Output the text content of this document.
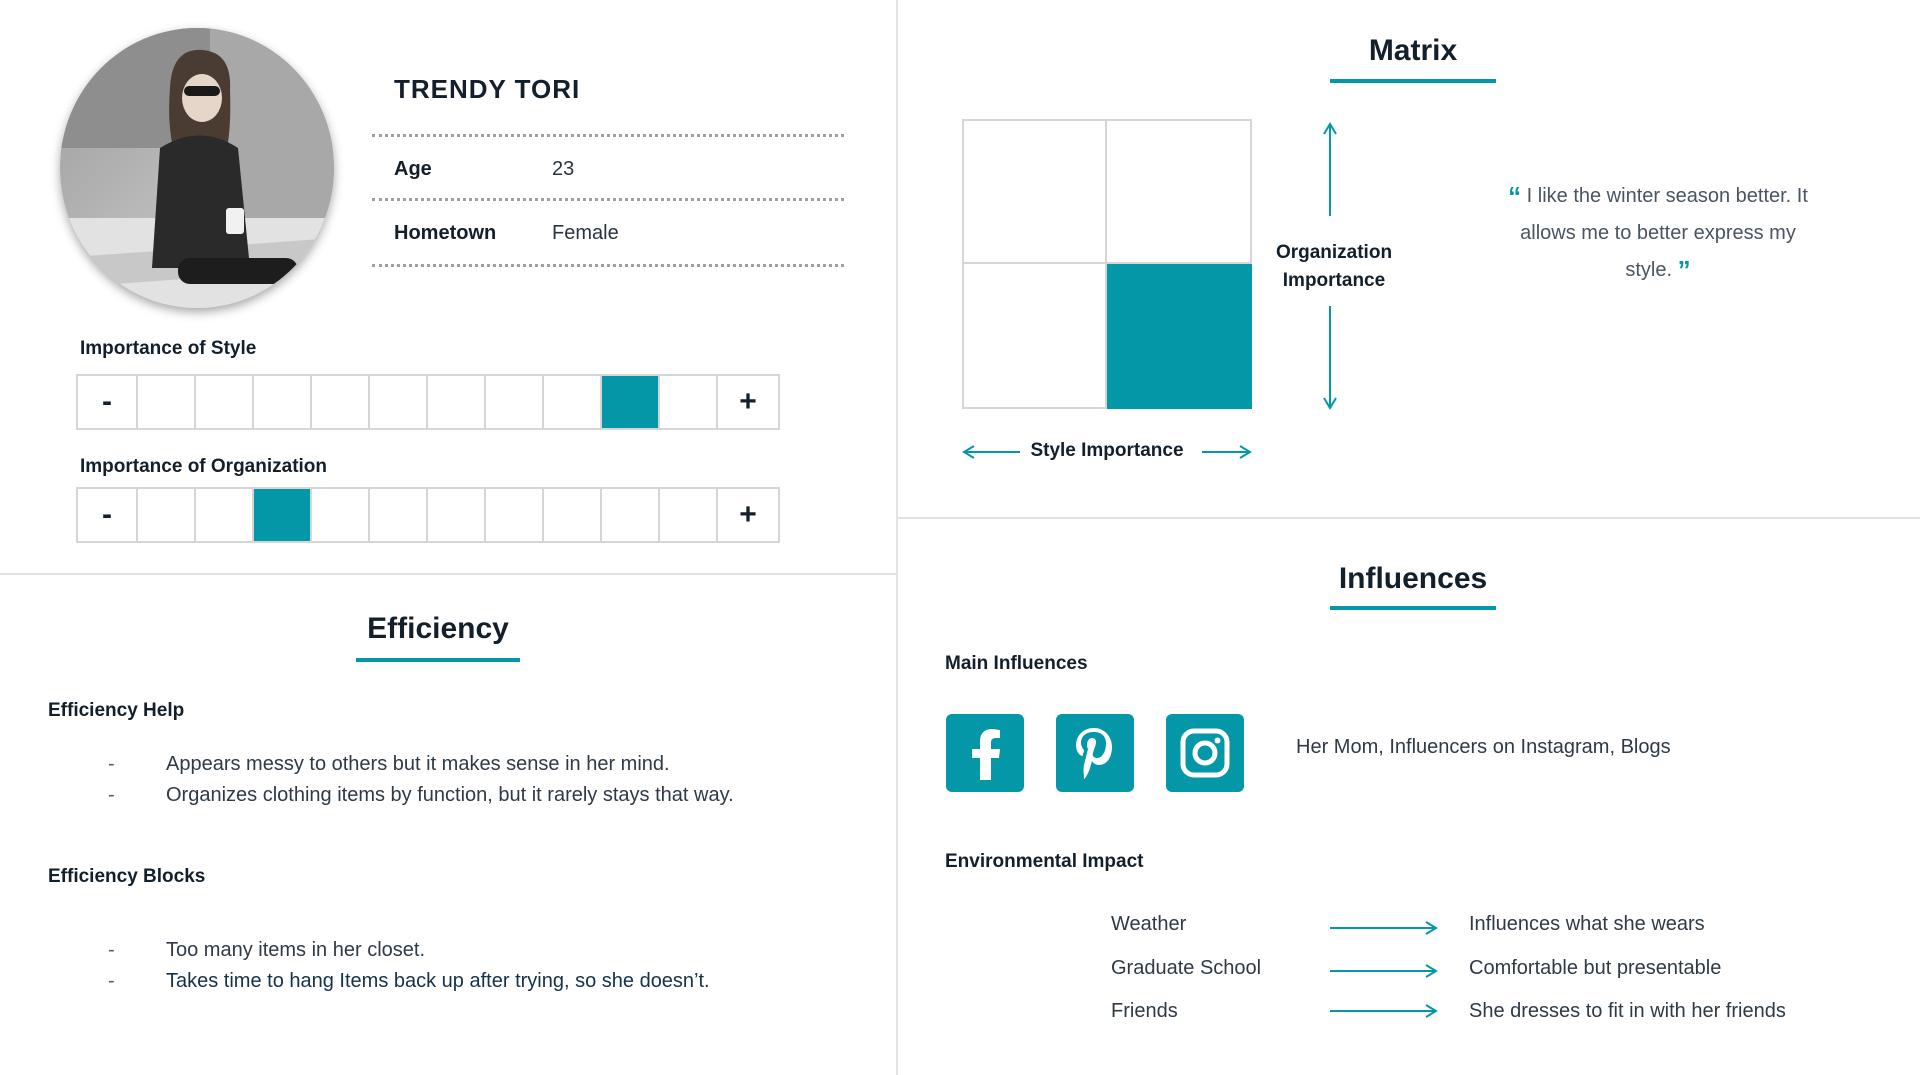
TRENDY TORI
Age	23
Hometown	Female
Importance of Style
-	+
Importance of Organization
-	+
Efficiency
Efficiency Help
-	Appears messy to others but it makes sense in her mind.
-	Organizes clothing items by function, but it rarely stays that way.
Efficiency Blocks
-	Too many items in her closet.
-	Takes time to hang Items back up after trying, so she doesn’t.
Matrix
Organization
Importance
Style Importance
“ I like the winter season better. It allows me to better express my style. ”
Influences
Main Influences
Her Mom, Influencers on Instagram, Blogs
Environmental Impact
Weather	Influences what she wears
Graduate School	Comfortable but presentable
Friends	She dresses to fit in with her friends
